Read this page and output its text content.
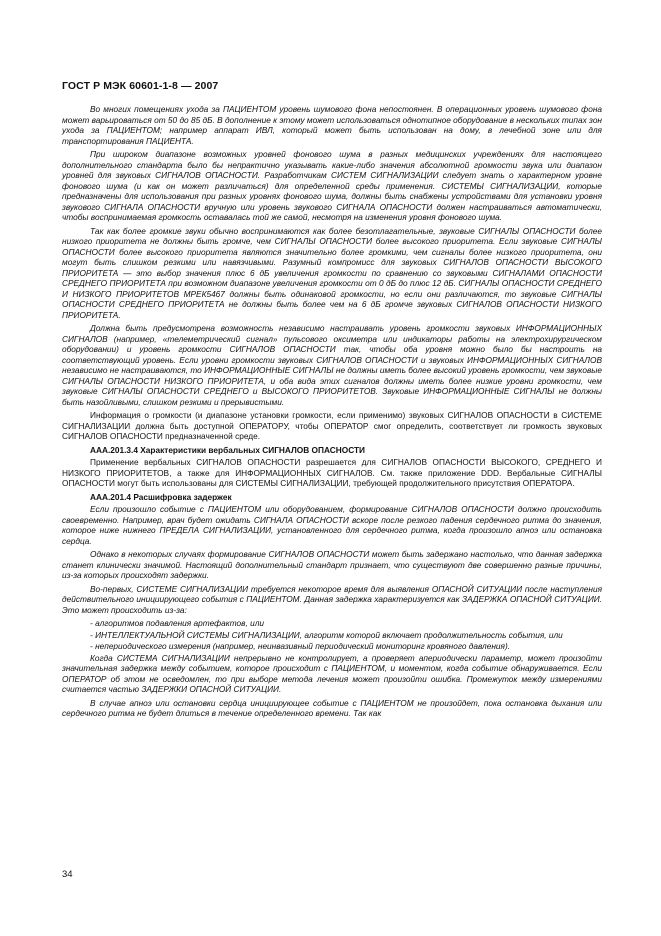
ГОСТ Р МЭК 60601-1-8 — 2007

Во многих помещениях ухода за ПАЦИЕНТОМ уровень шумового фона непостоянен. В операционных уровень шумового фона может варьироваться от 50 до 85 дБ. В дополнение к этому может использоваться однотипное оборудование в нескольких типах зон ухода за ПАЦИЕНТОМ; например аппарат ИВЛ, который может быть использован на дому, в лечебной зоне или для транспортирования ПАЦИЕНТА.

При широком диапазоне возможных уровней фонового шума в разных медицинских учреждениях для настоящего дополнительного стандарта было бы непрактично указывать какие-либо значения абсолютной громкости звука или диапазон уровней для звуковых СИГНАЛОВ ОПАСНОСТИ. Разработчикам СИСТЕМ СИГНАЛИЗАЦИИ следует знать о характерном уровне фонового шума (и как он может различаться) для определенной среды применения. СИСТЕМЫ СИГНАЛИЗАЦИИ, которые предназначены для использования при разных уровнях фонового шума, должны быть снабжены устройствами для установки уровня звукового СИГНАЛА ОПАСНОСТИ вручную или уровень звукового СИГНАЛА ОПАСНОСТИ должен настраиваться автоматически, чтобы воспринимаемая громкость оставалась той же самой, несмотря на изменения уровня фонового шума.

Так как более громкие звуки обычно воспринимаются как более безотлагательные, звуковые СИГНАЛЫ ОПАСНОСТИ более низкого приоритета не должны быть громче, чем СИГНАЛЫ ОПАСНОСТИ более высокого приоритета. Если звуковые СИГНАЛЫ ОПАСНОСТИ более высокого приоритета являются значительно более громкими, чем сигналы более низкого приоритета, они могут быть слишком резкими или навязчивыми. Разумный компромисс для звуковых СИГНАЛОВ ОПАСНОСТИ ВЫСОКОГО ПРИОРИТЕТА — это выбор значения плюс 6 дБ увеличения громкости по сравнению со звуковыми СИГНАЛАМИ ОПАСНОСТИ СРЕДНЕГО ПРИОРИТЕТА при возможном диапазоне увеличения громкости от 0 дБ до плюс 12 дБ. СИГНАЛЫ ОПАСНОСТИ СРЕДНЕГО И НИЗКОГО ПРИОРИТЕТОВ МРЕК5467 должны быть одинаковой громкости, но если они различаются, то звуковые СИГНАЛЫ ОПАСНОСТИ СРЕДНЕГО ПРИОРИТЕТА не должны быть более чем на 6 дБ громче звуковых СИГНАЛОВ ОПАСНОСТИ НИЗКОГО ПРИОРИТЕТА.

Должна быть предусмотрена возможность независимо настраивать уровень громкости звуковых ИНФОРМАЦИОННЫХ СИГНАЛОВ (например, «телеметрический сигнал» пульсового оксиметра или индикаторы работы на электрохирургическом оборудовании) и уровень громкости СИГНАЛОВ ОПАСНОСТИ так, чтобы оба уровня можно было бы настроить на соответствующий уровень. Если уровни громкости звуковых СИГНАЛОВ ОПАСНОСТИ и звуковых ИНФОРМАЦИОННЫХ СИГНАЛОВ независимо не настраиваются, то ИНФОРМАЦИОННЫЕ СИГНАЛЫ не должны иметь более высокий уровень громкости, чем звуковые СИГНАЛЫ ОПАСНОСТИ НИЗКОГО ПРИОРИТЕТА, и оба вида этих сигналов должны иметь более низкие уровни громкости, чем звуковые СИГНАЛЫ ОПАСНОСТИ СРЕДНЕГО и ВЫСОКОГО ПРИОРИТЕТОВ. Звуковые ИНФОРМАЦИОННЫЕ СИГНАЛЫ не должны быть назойливыми, слишком резкими и прерывистыми.

Информация о громкости (и диапазоне установки громкости, если применимо) звуковых СИГНАЛОВ ОПАСНОСТИ в СИСТЕМЕ СИГНАЛИЗАЦИИ должна быть доступной ОПЕРАТОРУ, чтобы ОПЕРАТОР смог определить, соответствует ли громкость звуковых СИГНАЛОВ ОПАСНОСТИ предназначенной среде.

ААА.201.3.4 Характеристики вербальных СИГНАЛОВ ОПАСНОСТИ

Применение вербальных СИГНАЛОВ ОПАСНОСТИ разрешается для СИГНАЛОВ ОПАСНОСТИ ВЫСОКОГО, СРЕДНЕГО И НИЗКОГО ПРИОРИТЕТОВ, а также для ИНФОРМАЦИОННЫХ СИГНАЛОВ. См. также приложение DDD. Вербальные СИГНАЛЫ ОПАСНОСТИ могут быть использованы для СИСТЕМЫ СИГНАЛИЗАЦИИ, требующей продолжительного присутствия ОПЕРАТОРА.

ААА.201.4 Расшифровка задержек

Если произошло событие с ПАЦИЕНТОМ или оборудованием, формирование СИГНАЛОВ ОПАСНОСТИ должно происходить своевременно. Например, врач будет ожидать СИГНАЛА ОПАСНОСТИ вскоре после резкого падения сердечного ритма до значения, которое ниже нижнего ПРЕДЕЛА СИГНАЛИЗАЦИИ, установленного для сердечного ритма, когда произошло апноэ или остановка сердца.

Однако в некоторых случаях формирование СИГНАЛОВ ОПАСНОСТИ может быть задержано настолько, что данная задержка станет клинически значимой. Настоящий дополнительный стандарт признает, что существуют две совершенно разные причины, из-за которых происходят задержки.

Во-первых, СИСТЕМЕ СИГНАЛИЗАЦИИ требуется некоторое время для выявления ОПАСНОЙ СИТУАЦИИ после наступления действительного инициирующего события с ПАЦИЕНТОМ. Данная задержка характеризуется как ЗАДЕРЖКА ОПАСНОЙ СИТУАЦИИ. Это может происходить из-за:

- алгоритмов подавления артефактов, или

- ИНТЕЛЛЕКТУАЛЬНОЙ СИСТЕМЫ СИГНАЛИЗАЦИИ, алгоритм которой включает продолжительность события, или

- непериодического измерения (например, неинвазивный периодический мониторинг кровяного давления).

Когда СИСТЕМА СИГНАЛИЗАЦИИ непрерывно не контролирует, а проверяет апериодически параметр, может произойти значительная задержка между событием, которое происходит с ПАЦИЕНТОМ, и моментом, когда событие обнаруживается. Если ОПЕРАТОР об этом не осведомлен, то при выборе метода лечения может произойти ошибка. Промежуток между измерениями считается частью ЗАДЕРЖКИ ОПАСНОЙ СИТУАЦИИ.

В случае апноэ или остановки сердца инициирующее событие с ПАЦИЕНТОМ не произойдет, пока остановка дыхания или сердечного ритма не будет длиться в течение определенного времени. Так как

34
